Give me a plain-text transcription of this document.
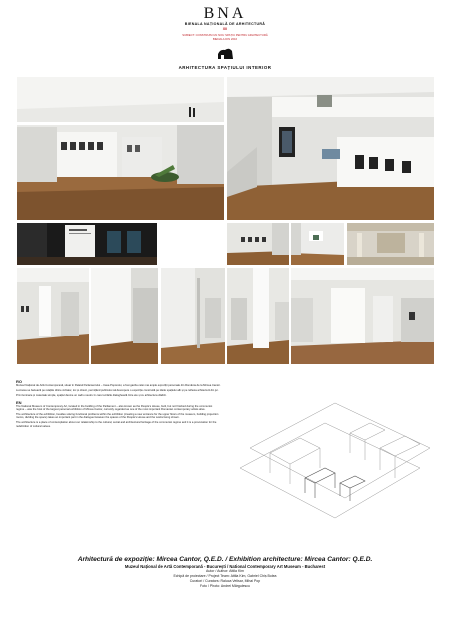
BNA
BIENALA NAȚIONALĂ DE ARHITECTURĂ
XII
SUBIECT: CONSTRUIM UN NOU SPAȚIU PENTRU ARHITECTURĂ
BIENALA DIN 2016
ARHITECTURA SPAȚIULUI INTERIOR
RO
Muzeul Național de Artă Contemporană, situat în Palatul Parlamentului – Casa Poporului, a fost gazda celei mai ample expoziții personale din România de la Mircea Cantor.
Lucrarea se bazează pe relațiile dintre vizitator, loc și obiect, permițând publicului să descopere o expoziție construită pe ideile spațiului alb și pe reflexia arhitecturii din jur.
Prin iluminare și materiale simple, spațiul devine un cadru neutru în care lucrările dialoghează între ele și cu arhitectura clădirii.
EN
The National Museum of Contemporary Art, located in the building of the Parliament – also known as the People's House, built, but not finished during the communist regime – was the host of the largest personal exhibition of Mircea Cantor, currently regarded as one of the most important Romanian contemporary artists alive.
The architecture of the exhibition, besides solving functional problems within the exhibition (creating a new entrance for the upper floors of the museum, building projection rooms, dividing the space) takes an important part in the dialogue between the spaces of the People's House and the works being shown.
The architecture is a place of contemplation about our relationship to the cultural, social and architectural heritage of the communist regime and it is a provocation for the redefinition of cultural values.
Arhitectură de expoziție: Mircea Cantor, Q.E.D. / Exhibition architecture: Mircea Cantor: Q.E.D.
Muzeul Național de Artă Contemporană - București / National Contemporary Art Museum - Bucharest
Autor / Author: Attila Kim
Echipă de proiectare / Project Team: Attila Kim, Gabriel Chiș Bolea
Curatori / Curators: Raluca Velisar, Mihai Pop
Foto / Photo: Andrei Mărgulescu
